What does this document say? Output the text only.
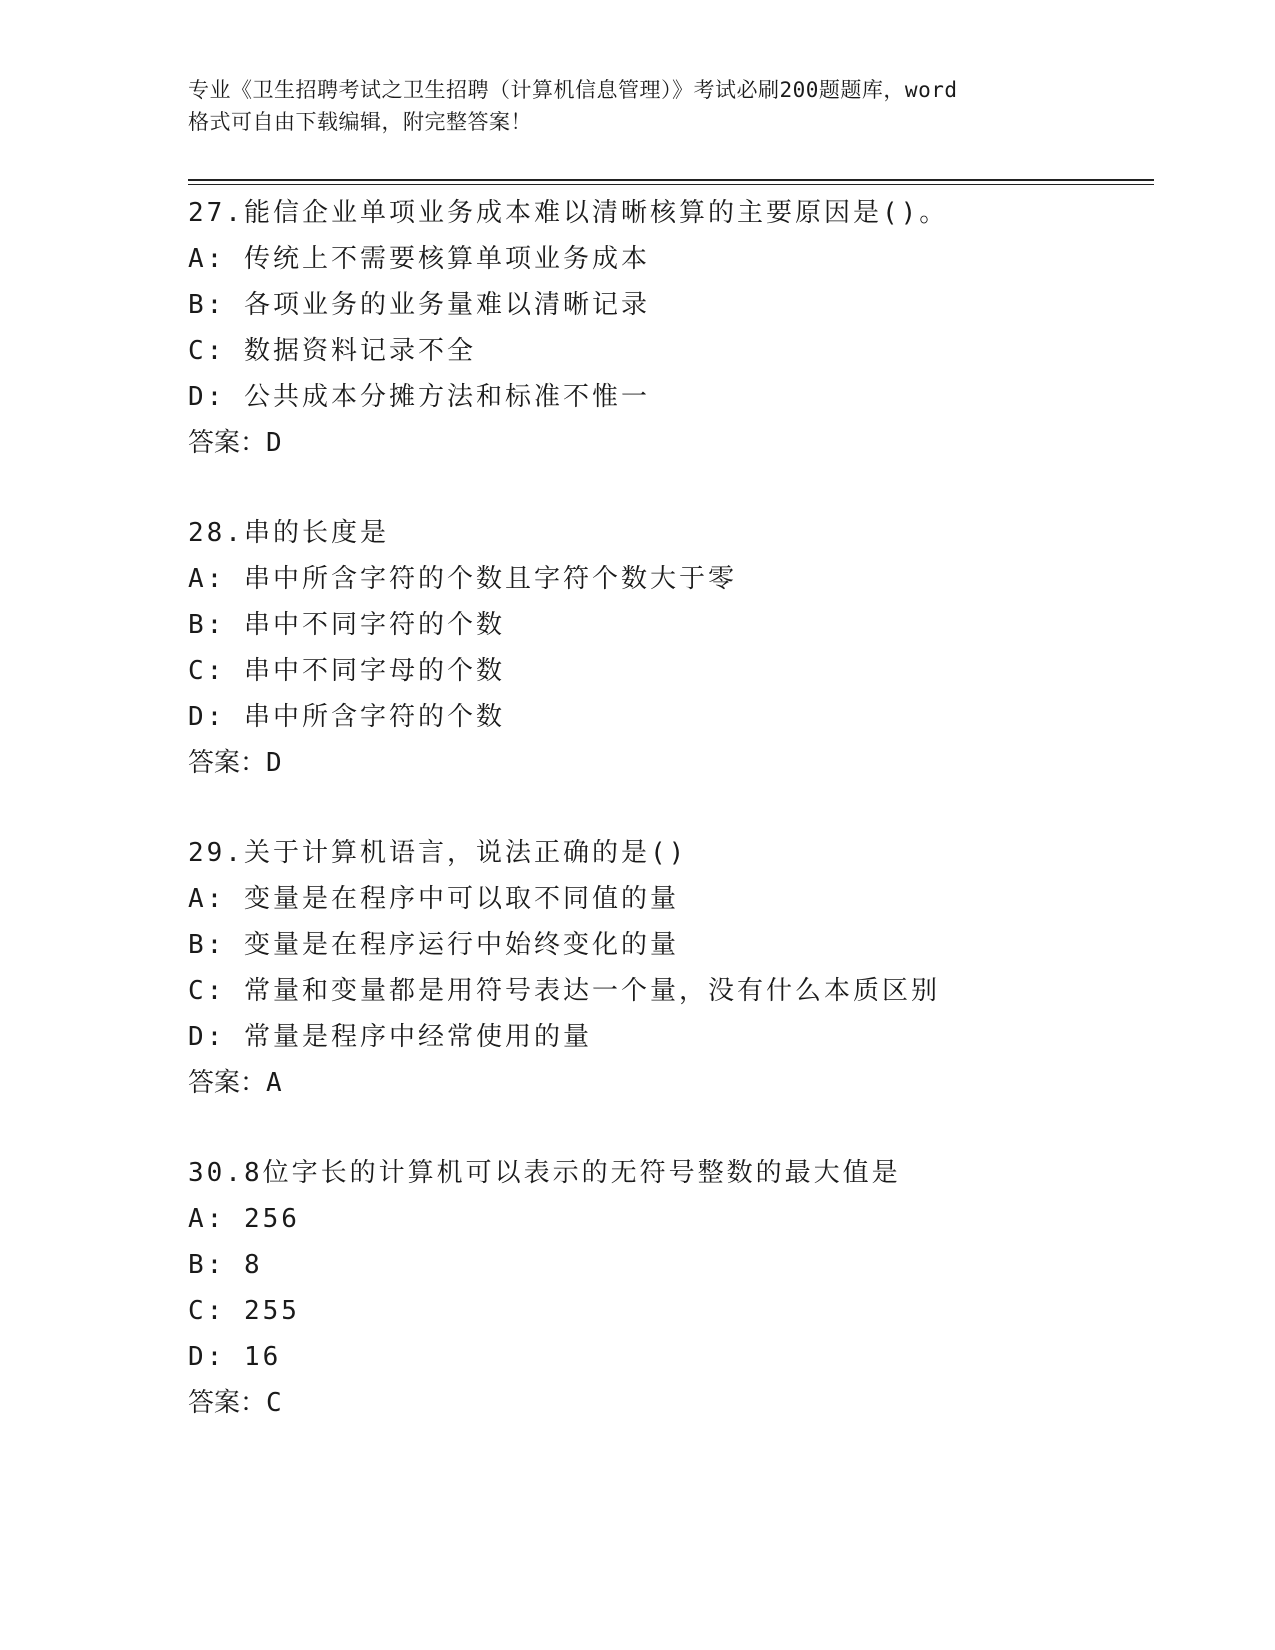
专业《卫生招聘考试之卫生招聘（计算机信息管理）》考试必刷200题题库，word
格式可自由下载编辑，附完整答案！
27.能信企业单项业务成本难以清晰核算的主要原因是()。
A: 传统上不需要核算单项业务成本
B: 各项业务的业务量难以清晰记录
C: 数据资料记录不全
D: 公共成本分摊方法和标准不惟一
答案：D
28.串的长度是
A: 串中所含字符的个数且字符个数大于零
B: 串中不同字符的个数
C: 串中不同字母的个数
D: 串中所含字符的个数
答案：D
29.关于计算机语言，说法正确的是()
A: 变量是在程序中可以取不同值的量
B: 变量是在程序运行中始终变化的量
C: 常量和变量都是用符号表达一个量，没有什么本质区别
D: 常量是程序中经常使用的量
答案：A
30.8位字长的计算机可以表示的无符号整数的最大值是
A: 256
B: 8
C: 255
D: 16
答案：C
